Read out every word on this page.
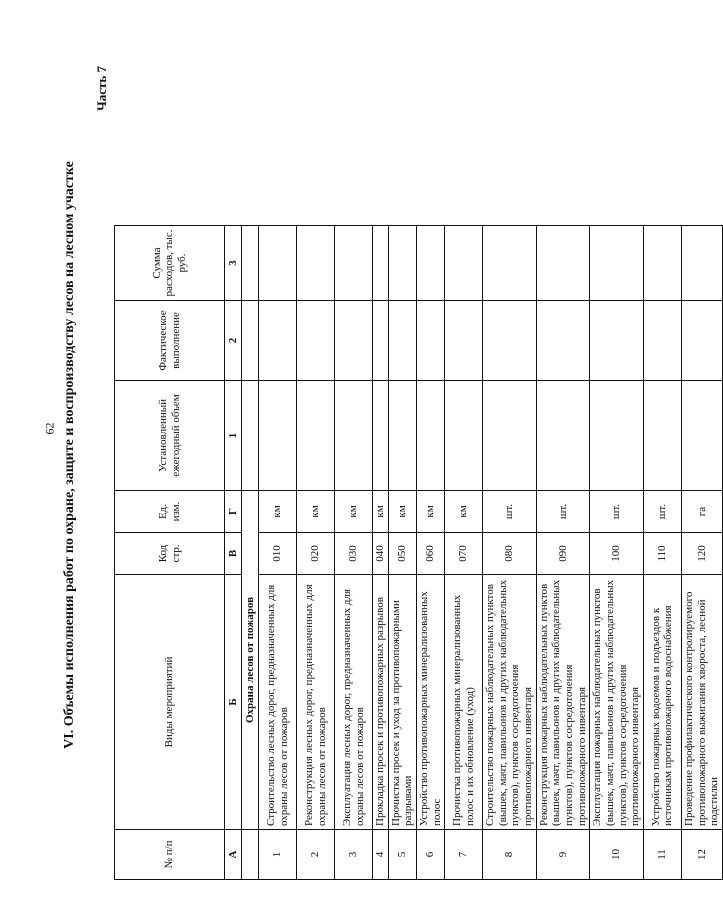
62 VI. Объемы исполнения работ по охране, защите и воспроизводству лесов на лесном участке
Часть 7
№ п/п	Виды мероприятий	Код стр.	Ед. изм.	Установленный ежегодный объем	Фактическое выполнение	Сумма расходов, тыс. руб.
А	Б	В	Г	1	2	3
	Охрана лесов от пожаров					
1	Строительство лесных дорог, предназначенных для охраны лесов от пожаров	010	км			
2	Реконструкция лесных дорог, предназначенных для охраны лесов от пожаров	020	км			
3	Эксплуатация лесных дорог, предназначенных для охраны лесов от пожаров	030	км			
4	Прокладка просек и противопожарных разрывов	040	км			
5	Прочистка просек и уход за противопожарными разрывами	050	км			
6	Устройство противопожарных минерализованных полос	060	км			
7	Прочистка противопожарных минерализованных полос и их обновление (уход)	070	км			
8	Строительство пожарных наблюдательных пунктов (вышек, мачт, павильонов и других наблюдательных пунктов), пунктов сосредоточения противопожарного инвентаря	080	шт.			
9	Реконструкция пожарных наблюдательных пунктов (вышек, мачт, павильонов и других наблюдательных пунктов), пунктов сосредоточения противопожарного инвентаря	090	шт.			
10	Эксплуатация пожарных наблюдательных пунктов (вышек, мачт, павильонов и других наблюдательных пунктов), пунктов сосредоточения противопожарного инвентаря	100	шт.			
11	Устройство пожарных водоемов и подъездов к источникам противопожарного водоснабжения	110	шт.			
12	Проведение профилактического контролируемого противопожарного выжигания хвороста, лесной подстилки	120	га			
